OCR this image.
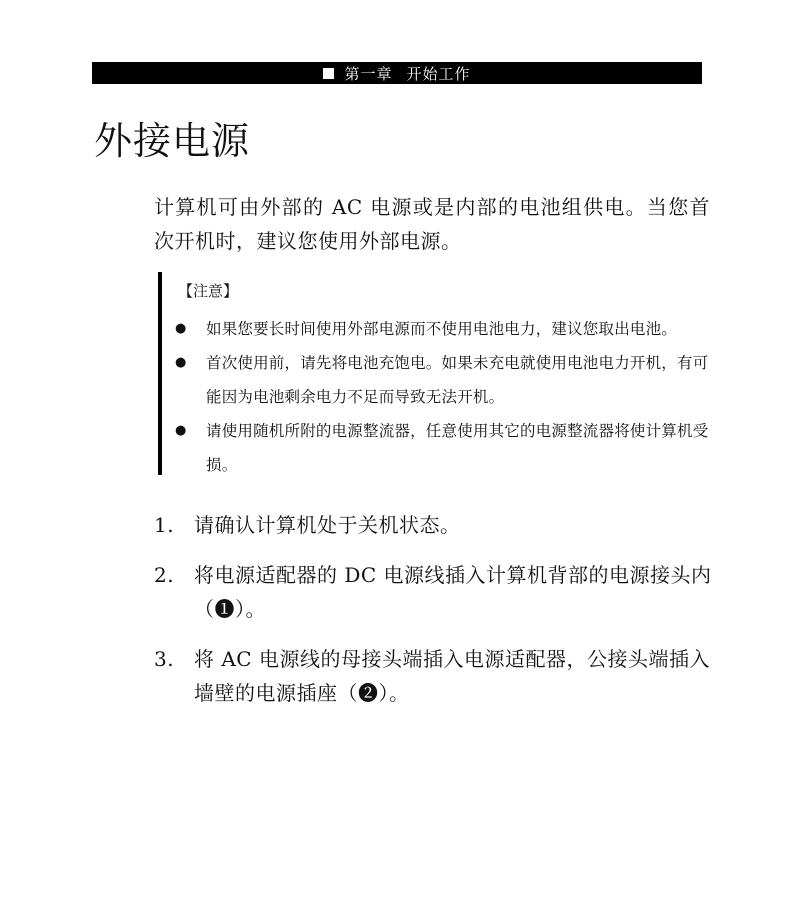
第一章 开始工作
外接电源

计算机可由外部的 AC 电源或是内部的电池组供电。当您首次开机时，建议您使用外部电源。

【注意】
● 如果您要长时间使用外部电源而不使用电池电力，建议您取出电池。
● 首次使用前，请先将电池充饱电。如果未充电就使用电池电力开机，有可能因为电池剩余电力不足而导致无法开机。
● 请使用随机所附的电源整流器，任意使用其它的电源整流器将使计算机受损。
1. 请确认计算机处于关机状态。
2. 将电源适配器的 DC 电源线插入计算机背部的电源接头内（❶）。
3. 将 AC 电源线的母接头端插入电源适配器，公接头端插入墙壁的电源插座（❷）。
